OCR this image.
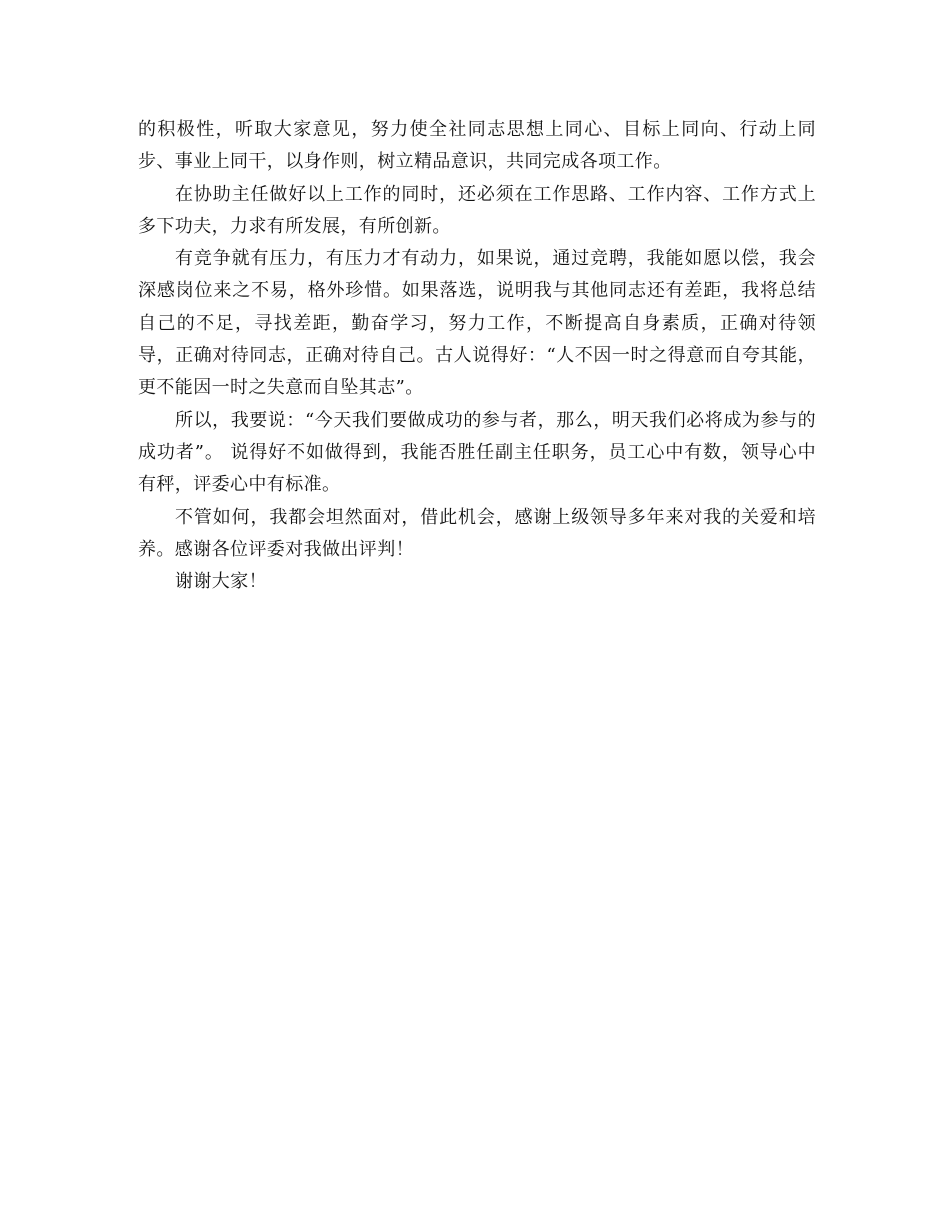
的积极性，听取大家意见，努力使全社同志思想上同心、目标上同向、行动上同步、事业上同干，以身作则，树立精品意识，共同完成各项工作。

在协助主任做好以上工作的同时，还必须在工作思路、工作内容、工作方式上多下功夫，力求有所发展，有所创新。

有竞争就有压力，有压力才有动力，如果说，通过竞聘，我能如愿以偿，我会深感岗位来之不易，格外珍惜。如果落选，说明我与其他同志还有差距，我将总结自己的不足，寻找差距，勤奋学习，努力工作，不断提高自身素质，正确对待领导，正确对待同志，正确对待自己。古人说得好：“人不因一时之得意而自夸其能，更不能因一时之失意而自坠其志”。

所以，我要说：“今天我们要做成功的参与者，那么，明天我们必将成为参与的成功者”。 说得好不如做得到，我能否胜任副主任职务，员工心中有数，领导心中有秤，评委心中有标准。

不管如何，我都会坦然面对，借此机会，感谢上级领导多年来对我的关爱和培养。感谢各位评委对我做出评判！

谢谢大家！
